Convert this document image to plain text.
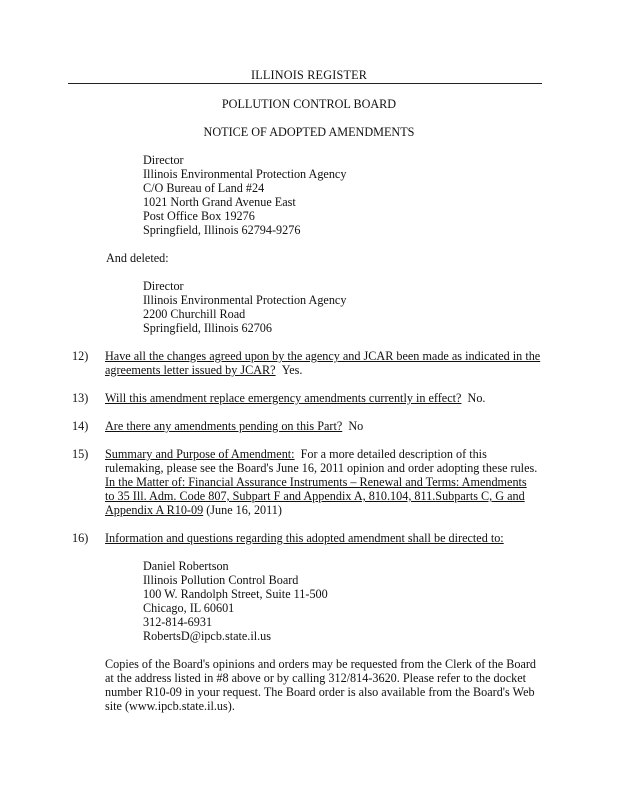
ILLINOIS REGISTER
POLLUTION CONTROL BOARD
NOTICE OF ADOPTED AMENDMENTS
Director
Illinois Environmental Protection Agency
C/O Bureau of Land #24
1021 North Grand Avenue East
Post Office Box 19276
Springfield, Illinois 62794-9276
And deleted:
Director
Illinois Environmental Protection Agency
2200 Churchill Road
Springfield, Illinois 62706
12) Have all the changes agreed upon by the agency and JCAR been made as indicated in the
agreements letter issued by JCAR? Yes.
13) Will this amendment replace emergency amendments currently in effect? No.
14) Are there any amendments pending on this Part? No
15) Summary and Purpose of Amendment: For a more detailed description of this
rulemaking, please see the Board's June 16, 2011 opinion and order adopting these rules.
In the Matter of: Financial Assurance Instruments – Renewal and Terms: Amendments
to 35 Ill. Adm. Code 807, Subpart F and Appendix A, 810.104, 811.Subparts C, G and
Appendix A R10-09 (June 16, 2011)
16) Information and questions regarding this adopted amendment shall be directed to:
Daniel Robertson
Illinois Pollution Control Board
100 W. Randolph Street, Suite 11-500
Chicago, IL 60601
312-814-6931
RobertsD@ipcb.state.il.us
Copies of the Board's opinions and orders may be requested from the Clerk of the Board
at the address listed in #8 above or by calling 312/814-3620. Please refer to the docket
number R10-09 in your request. The Board order is also available from the Board's Web
site (www.ipcb.state.il.us).
